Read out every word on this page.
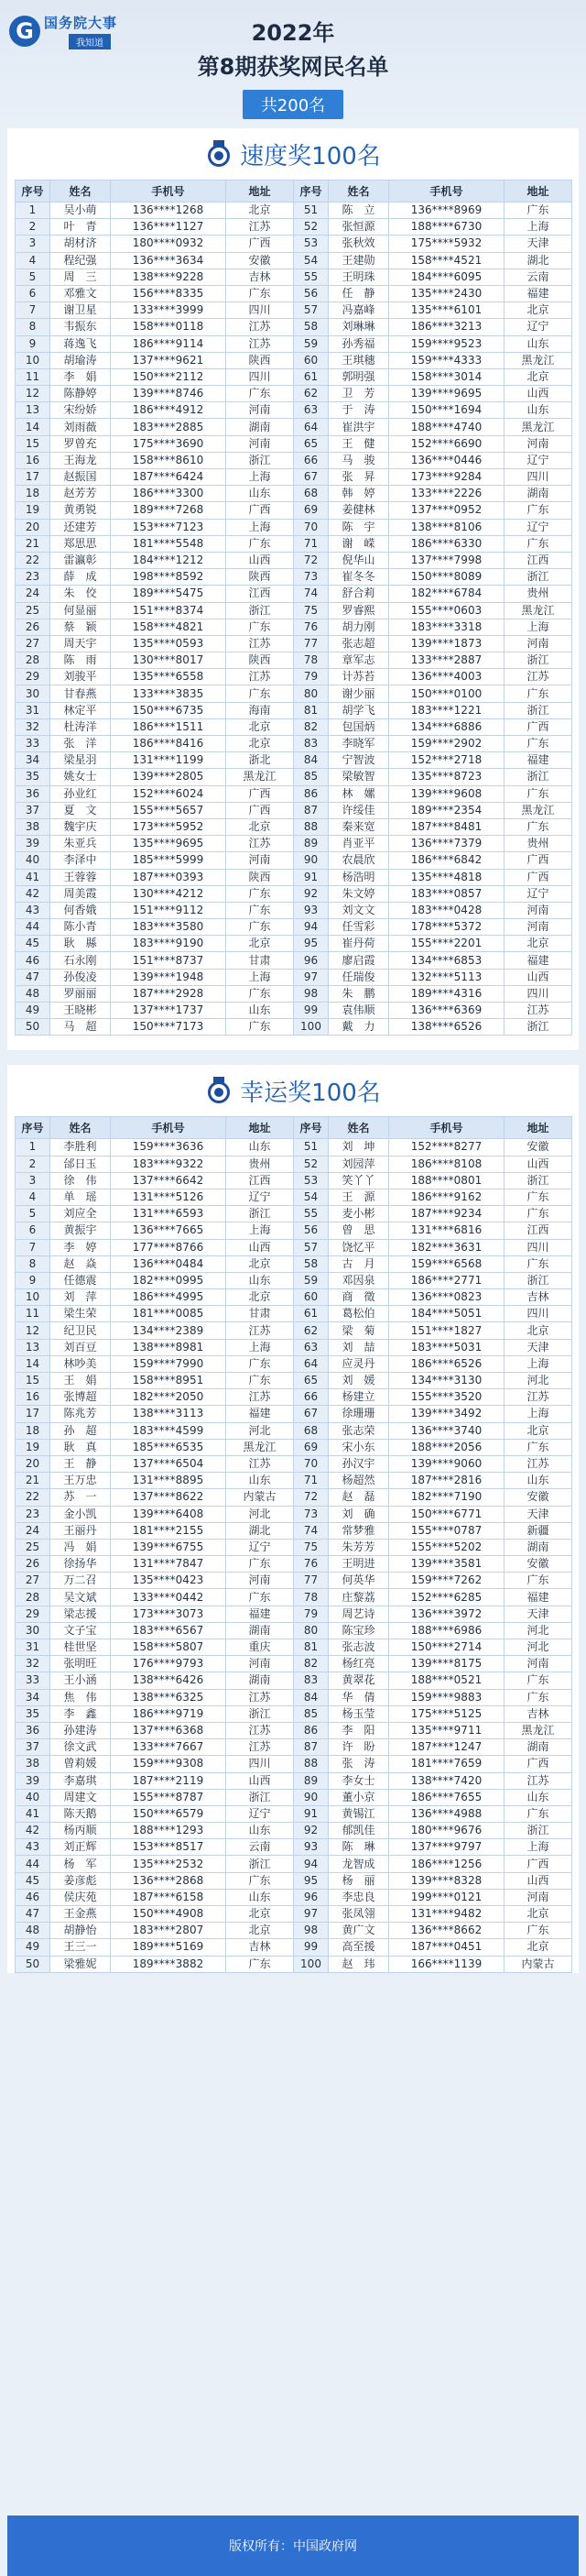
G 国务院大事
我知道	2022年
第8期获奖网民名单
共200名
速度奖100名
序号	姓名	手机号	地址	序号	姓名	手机号	地址
1	吴小萌	136****1268	北京	51	陈　立	136****8969	广东
2	叶　青	136****1127	江苏	52	张恒源	188****6730	上海
3	胡材济	180****0932	广西	53	张秋效	175****5932	天津
4	程纪强	136****3634	安徽	54	王建勋	158****4521	湖北
5	周　三	138****9228	吉林	55	王明珠	184****6095	云南
6	邓雅文	156****8335	广东	56	任　静	135****2430	福建
7	谢卫星	133****3999	四川	57	冯嘉峰	135****6101	北京
8	韦振东	158****0118	江苏	58	刘琳琳	186****3213	辽宁
9	蒋逸飞	186****9114	江苏	59	孙秀福	159****9523	山东
10	胡瑜涛	137****9621	陕西	60	王琪穗	159****4333	黑龙江
11	李　娟	150****2112	四川	61	郭明强	158****3014	北京
12	陈静婷	139****8746	广东	62	卫　芳	139****9695	山西
13	宋纷娇	186****4912	河南	63	于　涛	150****1694	山东
14	刘雨薇	183****2885	湖南	64	崔洪宇	188****4740	黑龙江
15	罗曾充	175****3690	河南	65	王　健	152****6690	河南
16	王海龙	158****8610	浙江	66	马　骏	136****0446	辽宁
17	赵振国	187****6424	上海	67	张　昇	173****9284	四川
18	赵芳芳	186****3300	山东	68	韩　婷	133****2226	湖南
19	黄勇锐	189****7268	广西	69	姜健林	137****0952	广东
20	还建芳	153****7123	上海	70	陈　宇	138****8106	辽宁
21	郑思思	181****5548	广东	71	谢　嵘	186****6330	广东
22	雷瀛彰	184****1212	山西	72	倪华山	137****7998	江西
23	薛　成	198****8592	陕西	73	崔冬冬	150****8089	浙江
24	朱　佼	189****5475	江西	74	舒合莉	182****6784	贵州
25	何显丽	151****8374	浙江	75	罗睿熙	155****0603	黑龙江
26	蔡　颖	158****4821	广东	76	胡力刚	183****3318	上海
27	周天宇	135****0593	江苏	77	张志超	139****1873	河南
28	陈　雨	130****8017	陕西	78	章军志	133****2887	浙江
29	刘骏平	135****6558	江苏	79	计苏苔	136****4003	江苏
30	甘春燕	133****3835	广东	80	谢少丽	150****0100	广东
31	林定平	150****6735	海南	81	胡学飞	183****1221	浙江
32	杜涛洋	186****1511	北京	82	包国炳	134****6886	广西
33	张　洋	186****8416	北京	83	李晓军	159****2902	广东
34	梁星羽	131****1199	浙北	84	宁智波	152****2718	福建
35	姚女士	139****2805	黑龙江	85	梁敏智	135****8723	浙江
36	孙业红	152****6024	广西	86	林　嫘	139****9608	广东
37	夏　文	155****5657	广西	87	许绥佳	189****2354	黑龙江
38	魏宇庆	173****5952	北京	88	秦来宽	187****8481	广东
39	朱亚兵	135****9695	江苏	89	肖亚平	136****7379	贵州
40	李泽中	185****5999	河南	90	农晨欣	186****6842	广西
41	王蓉蓉	187****0393	陕西	91	杨浩明	135****4818	广西
42	周美霞	130****4212	广东	92	朱文婷	183****0857	辽宁
43	何香娥	151****9112	广东	93	刘文文	183****0428	河南
44	陈小青	183****3580	广东	94	任雪彩	178****5372	河南
45	耿　縣	183****9190	北京	95	崔丹荷	155****2201	北京
46	石永刚	151****8737	甘肃	96	廖启霞	134****6853	福建
47	孙俊凌	139****1948	上海	97	任瑞俊	132****5113	山西
48	罗丽丽	187****2928	广东	98	朱　鹏	189****4316	四川
49	王晓彬	137****1737	山东	99	袁伟顺	136****6369	江苏
50	马　超	150****7173	广东	100	戴　力	138****6526	浙江
幸运奖100名
序号	姓名	手机号	地址	序号	姓名	手机号	地址
1	李胜利	159****3636	山东	51	刘　坤	152****8277	安徽
2	邰日玉	183****9322	贵州	52	刘园萍	186****8108	山西
3	徐　伟	137****6642	江西	53	笑丫丫	188****0801	浙江
4	单　瑶	131****5126	辽宁	54	王　源	186****9162	广东
5	刘应全	131****6593	浙江	55	麦小彬	187****9234	广东
6	黄振宇	136****7665	上海	56	曾　思	131****6816	江西
7	李　婷	177****8766	山西	57	饶忆平	182****3631	四川
8	赵　焱	136****0484	北京	58	古　月	159****6568	广东
9	任德震	182****0995	山东	59	邓因泉	186****2771	浙江
10	刘　萍	186****4995	北京	60	商　徵	136****0823	吉林
11	梁生荣	181****0085	甘肃	61	葛松伯	184****5051	四川
12	纪卫民	134****2389	江苏	62	梁　菊	151****1827	北京
13	刘百豆	138****8981	上海	63	刘　喆	183****5031	天津
14	林吵美	159****7990	广东	64	应灵丹	186****6526	上海
15	王　娟	158****8951	广东	65	刘　媛	134****3130	河北
16	张博超	182****2050	江苏	66	杨建立	155****3520	江苏
17	陈兆芳	138****3113	福建	67	徐珊珊	139****3492	上海
18	孙　超	183****4599	河北	68	张志荣	136****3740	北京
19	耿　真	185****6535	黑龙江	69	宋小东	188****2056	广东
20	王　静	137****6504	江苏	70	孙汉宇	139****9060	江苏
21	王万忠	131****8895	山东	71	杨超然	187****2816	山东
22	苏　一	137****8622	内蒙古	72	赵　磊	182****7190	安徽
23	金小凯	139****6408	河北	73	刘　确	150****6771	天津
24	王丽丹	181****2155	湖北	74	常梦雅	155****0787	新疆
25	冯　娟	139****6755	辽宁	75	朱芳芳	155****5202	湖南
26	徐扬华	131****7847	广东	76	王明进	139****3581	安徽
27	万二召	135****0423	河南	77	何英华	159****7262	广东
28	吴文斌	133****0442	广东	78	庄黎荔	152****6285	福建
29	梁志援	173****3073	福建	79	周艺诗	136****3972	天津
30	文子宝	183****6567	湖南	80	陈宝珍	188****6986	河北
31	桂世坚	158****5807	重庆	81	张志波	150****2714	河北
32	张明旺	176****9793	河南	82	杨红亮	139****8175	河南
33	王小涵	138****6426	湖南	83	黄翠花	188****0521	广东
34	焦　伟	138****6325	江苏	84	华　倩	159****9883	广东
35	李　鑫	186****9719	浙江	85	杨玉莹	175****5125	吉林
36	孙建涛	137****6368	江苏	86	李　阳	135****9711	黑龙江
37	徐文武	133****7667	江苏	87	许　盼	187****1247	湖南
38	曾莉媛	159****9308	四川	88	张　涛	181****7659	广西
39	李嘉琪	187****2119	山西	89	李女士	138****7420	江苏
40	周建文	155****8787	浙江	90	董小京	186****7655	山东
41	陈天鹅	150****6579	辽宁	91	黄锡江	136****4988	广东
42	杨丙顺	188****1293	山东	92	郁凯佳	180****9676	浙江
43	刘正辉	153****8517	云南	93	陈　琳	137****9797	上海
44	杨　军	135****2532	浙江	94	龙智成	186****1256	广西
45	姜彦彪	136****2868	广东	95	杨　丽	139****8328	山西
46	侯庆苑	187****6158	山东	96	李忠良	199****0121	河南
47	王金燕	150****4908	北京	97	张凤翎	131****9482	北京
48	胡静怡	183****2807	北京	98	黄广文	136****8662	广东
49	王三一	189****5169	吉林	99	高至援	187****0451	北京
50	梁雅妮	189****3882	广东	100	赵　玮	166****1139	内蒙古
版权所有：中国政府网
